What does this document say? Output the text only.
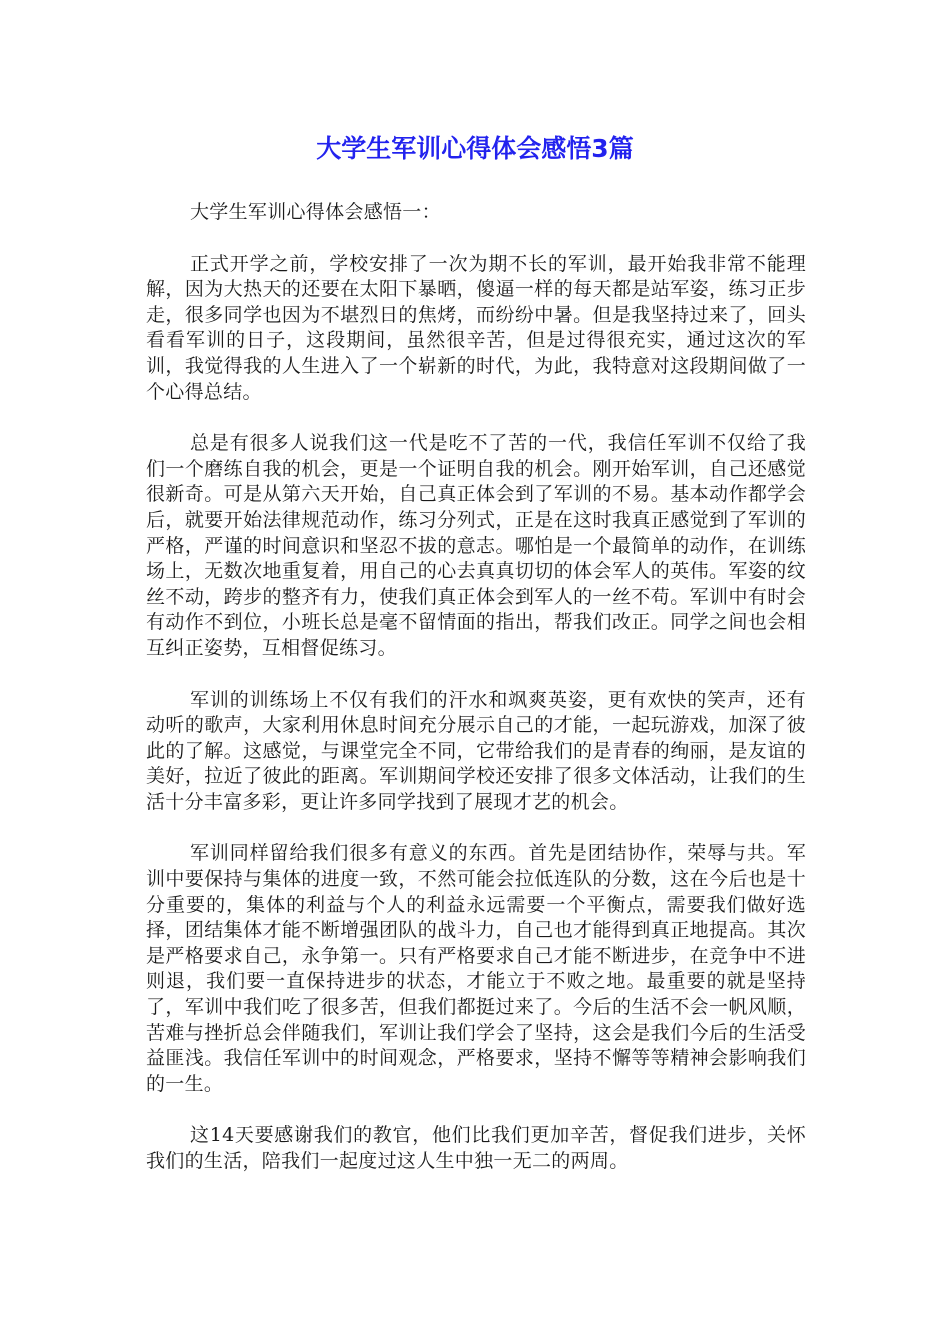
大学生军训心得体会感悟3篇

大学生军训心得体会感悟一：

正式开学之前，学校安排了一次为期不长的军训，最开始我非常不能理解，因为大热天的还要在太阳下暴晒，傻逼一样的每天都是站军姿，练习正步走，很多同学也因为不堪烈日的焦烤，而纷纷中暑。但是我坚持过来了，回头看看军训的日子，这段期间，虽然很辛苦，但是过得很充实，通过这次的军训，我觉得我的人生进入了一个崭新的时代，为此，我特意对这段期间做了一个心得总结。

总是有很多人说我们这一代是吃不了苦的一代，我信任军训不仅给了我们一个磨练自我的机会，更是一个证明自我的机会。刚开始军训，自己还感觉很新奇。可是从第六天开始，自己真正体会到了军训的不易。基本动作都学会后，就要开始法律规范动作，练习分列式，正是在这时我真正感觉到了军训的严格，严谨的时间意识和坚忍不拔的意志。哪怕是一个最简单的动作，在训练场上，无数次地重复着，用自己的心去真真切切的体会军人的英伟。军姿的纹丝不动，跨步的整齐有力，使我们真正体会到军人的一丝不苟。军训中有时会有动作不到位，小班长总是毫不留情面的指出，帮我们改正。同学之间也会相互纠正姿势，互相督促练习。

军训的训练场上不仅有我们的汗水和飒爽英姿，更有欢快的笑声，还有动听的歌声，大家利用休息时间充分展示自己的才能，一起玩游戏，加深了彼此的了解。这感觉，与课堂完全不同，它带给我们的是青春的绚丽，是友谊的美好，拉近了彼此的距离。军训期间学校还安排了很多文体活动，让我们的生活十分丰富多彩，更让许多同学找到了展现才艺的机会。

军训同样留给我们很多有意义的东西。首先是团结协作，荣辱与共。军训中要保持与集体的进度一致，不然可能会拉低连队的分数，这在今后也是十分重要的，集体的利益与个人的利益永远需要一个平衡点，需要我们做好选择，团结集体才能不断增强团队的战斗力，自己也才能得到真正地提高。其次是严格要求自己，永争第一。只有严格要求自己才能不断进步，在竞争中不进则退，我们要一直保持进步的状态，才能立于不败之地。最重要的就是坚持了，军训中我们吃了很多苦，但我们都挺过来了。今后的生活不会一帆风顺，苦难与挫折总会伴随我们，军训让我们学会了坚持，这会是我们今后的生活受益匪浅。我信任军训中的时间观念，严格要求，坚持不懈等等精神会影响我们的一生。

这14天要感谢我们的教官，他们比我们更加辛苦，督促我们进步，关怀我们的生活，陪我们一起度过这人生中独一无二的两周。
